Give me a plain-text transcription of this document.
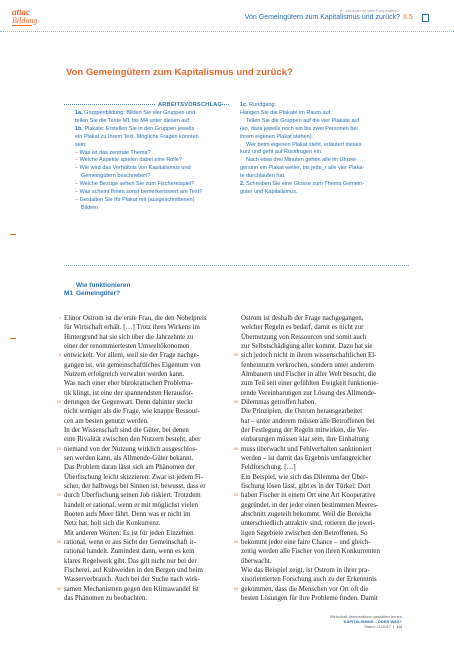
attac
Bildung
II · Konkurrenz oder Kooperation?
Von Gemeingütern zum Kapitalismus und zurück? II.5
Von Gemeingütern zum Kapitalismus und zurück?
ARBEITSVORSCHLAG
1a. Gruppenbildung: Bilden Sie vier Gruppen und
teilen Sie die Texte M1 bis M4 unter diesen auf.
1b. Plakate: Erstellen Sie in den Gruppen jeweils
ein Plakat zu Ihrem Text. Mögliche Fragen könnten
sein:
– Was ist das zentrale Thema?
– Welche Aspekte spielen dabei eine Rolle?
– Wie wird das Verhältnis von Kapitalismus und
Gemeingütern beschrieben?
– Welche Bezüge sehen Sie zum Fischereispiel?
– Was scheint Ihnen sonst bemerkenswert am Text?
– Gestalten Sie Ihr Plakat mit (ausgeschnittenen)
Bildern
1c. Rundgang:
Hängen Sie die Plakate im Raum auf.
Teilen Sie die Gruppen auf die vier Plakate auf
(so, dass jeweils noch ein bis zwei Personen bei
ihrem eigenen Plakat stehen).
Wer beim eigenen Plakat steht, erläutert dieses
kurz und geht auf Rückfragen ein.
Nach etwa drei Minuten gehen alle im Uhrzei-
gersinn ein Plakat weiter, bis jede_r alle vier Plaka-
te durchlaufen hat.
2. Schreiben Sie eine Glosse zum Thema Gemein-
güter und Kapitalismus.
M1
Wie funktionieren
Gemeingüter?
1
5
10
15
20
25
30
Elinor Ostrom ist die erste Frau, die den Nobelpreis
für Wirtschaft erhält. […] Trotz ihres Wirkens im
Hintergrund hat sie sich über die Jahrzehnte zu
einer der renommiertesten Umweltökonomen
entwickelt. Vor allem, weil sie der Frage nachge-
gangen ist, wie gemeinschaftliches Eigentum von
Nutzern erfolgreich verwaltet werden kann.
Was nach einer eher bürokratischen Problema-
tik klingt, ist eine der spannendsten Herausfor-
derungen der Gegenwart. Denn dahinter steckt
nicht weniger als die Frage, wie knappe Ressour-
cen am besten genutzt werden.
In der Wissenschaft sind die Güter, bei denen
eine Rivalität zwischen den Nutzern besteht, aber
niemand von der Nutzung wirklich ausgeschlos-
sen werden kann, als Allmende-Güter bekannt.
Das Problem daran lässt sich am Phänomen der
Überfischung leicht skizzieren: Zwar ist jedem Fi-
scher, der halbwegs bei Sinnen ist, bewusst, dass er
durch Überfischung seinen Job riskiert. Trotzdem
handelt er rational, wenn er mit möglichst vielen
Booten aufs Meer fährt. Denn was er nicht im
Netz hat, holt sich die Konkurrenz.
Mit anderen Worten: Es ist für jeden Einzelnen
rational, wenn er aus Sicht der Gemeinschaft ir-
rational handelt. Zumindest dann, wenn es kein
klares Regelwerk gibt. Das gilt nicht nur bei der
Fischerei, auf Kuhweiden in den Bergen und beim
Wasserverbrauch. Auch bei der Suche nach wirk-
samen Mechanismen gegen den Klimawandel ist
das Phänomen zu beobachten.
35
40
45
50
55
60
Ostrom ist deshalb der Frage nachgegangen,
welcher Regeln es bedarf, damit es nicht zur
Übernutzung von Ressourcen und somit auch
zur Selbstschädigung aller kommt. Dazu hat sie
sich jedoch nicht in ihrem wissenschaftlichen El-
fenbeinturm verkrochen, sondern unter anderem
Almbauern und Fischer in aller Welt besucht, die
zum Teil seit einer gefühlten Ewigkeit funktionie-
rende Vereinbarungen zur Lösung des Allmende-
Dilemmas getroffen haben.
Die Prinzipien, die Ostrom herausgearbeitet
hat – unter anderem müssen alle Betroffenen bei
der Festlegung der Regeln mitwirken, die Ver-
einbarungen müssen klar sein, ihre Einhaltung
muss überwacht und Fehlverhalten sanktioniert
werden – ist damit das Ergebnis umfangreicher
Feldforschung. […]
Ein Beispiel, wie sich das Dilemma der Über-
fischung lösen lässt, gibt es in der Türkei: Dort
haben Fischer in einem Ort eine Art Kooperative
gegründet, in der jeder einen bestimmten Meeres-
abschnitt zugeteilt bekommt. Weil die Bereiche
unterschiedlich attraktiv sind, rotieren die jewei-
ligen Segebiete zwischen den Betroffenen. So
bekommt jeder eine faire Chance – und gleich-
zeitig werden alle Fischer von ihren Konkurrenten
überwacht.
Wie das Beispiel zeigt, ist Ostrom in ihrer pra-
xisorientierten Forschung auch zu der Erkenntnis
gekommen, dass die Menschen vor Ort oft die
besten Lösungen für ihre Probleme finden. Damit
Wirtschaft demokratisch gestalten lernen
KAPITALISMUS – ODER WAS?
Stand: 11/2017  |  1/4
